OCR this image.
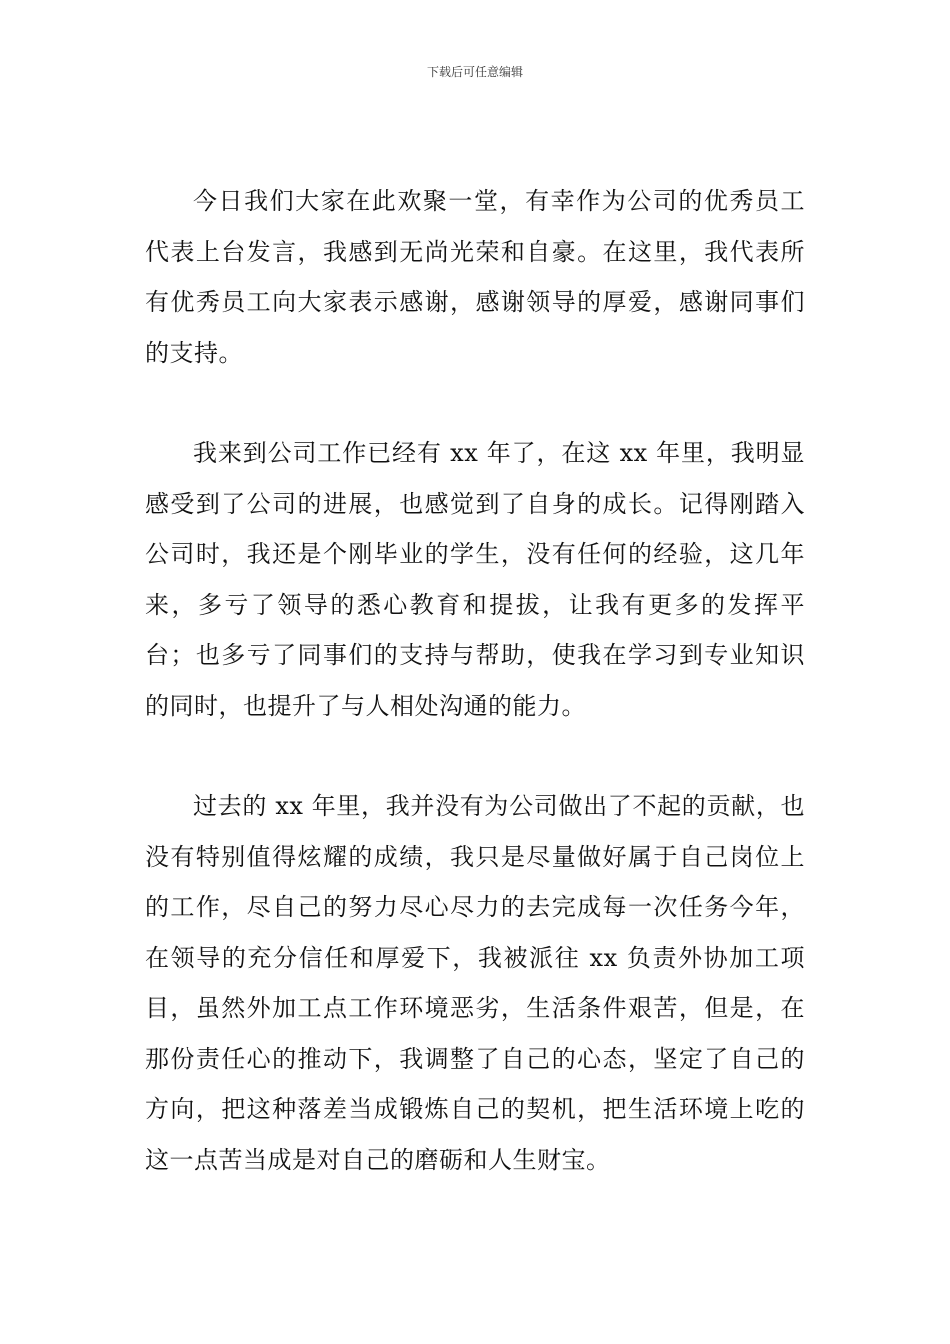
下载后可任意编辑

今日我们大家在此欢聚一堂，有幸作为公司的优秀员工代表上台发言，我感到无尚光荣和自豪。在这里，我代表所有优秀员工向大家表示感谢，感谢领导的厚爱，感谢同事们的支持。

我来到公司工作已经有 xx 年了，在这 xx 年里，我明显感受到了公司的进展，也感觉到了自身的成长。记得刚踏入公司时，我还是个刚毕业的学生，没有任何的经验，这几年来，多亏了领导的悉心教育和提拔，让我有更多的发挥平台；也多亏了同事们的支持与帮助，使我在学习到专业知识的同时，也提升了与人相处沟通的能力。

过去的 xx 年里，我并没有为公司做出了不起的贡献，也没有特别值得炫耀的成绩，我只是尽量做好属于自己岗位上的工作，尽自己的努力尽心尽力的去完成每一次任务今年，在领导的充分信任和厚爱下，我被派往 xx 负责外协加工项目，虽然外加工点工作环境恶劣，生活条件艰苦，但是，在那份责任心的推动下，我调整了自己的心态，坚定了自己的方向，把这种落差当成锻炼自己的契机，把生活环境上吃的这一点苦当成是对自己的磨砺和人生财宝。
